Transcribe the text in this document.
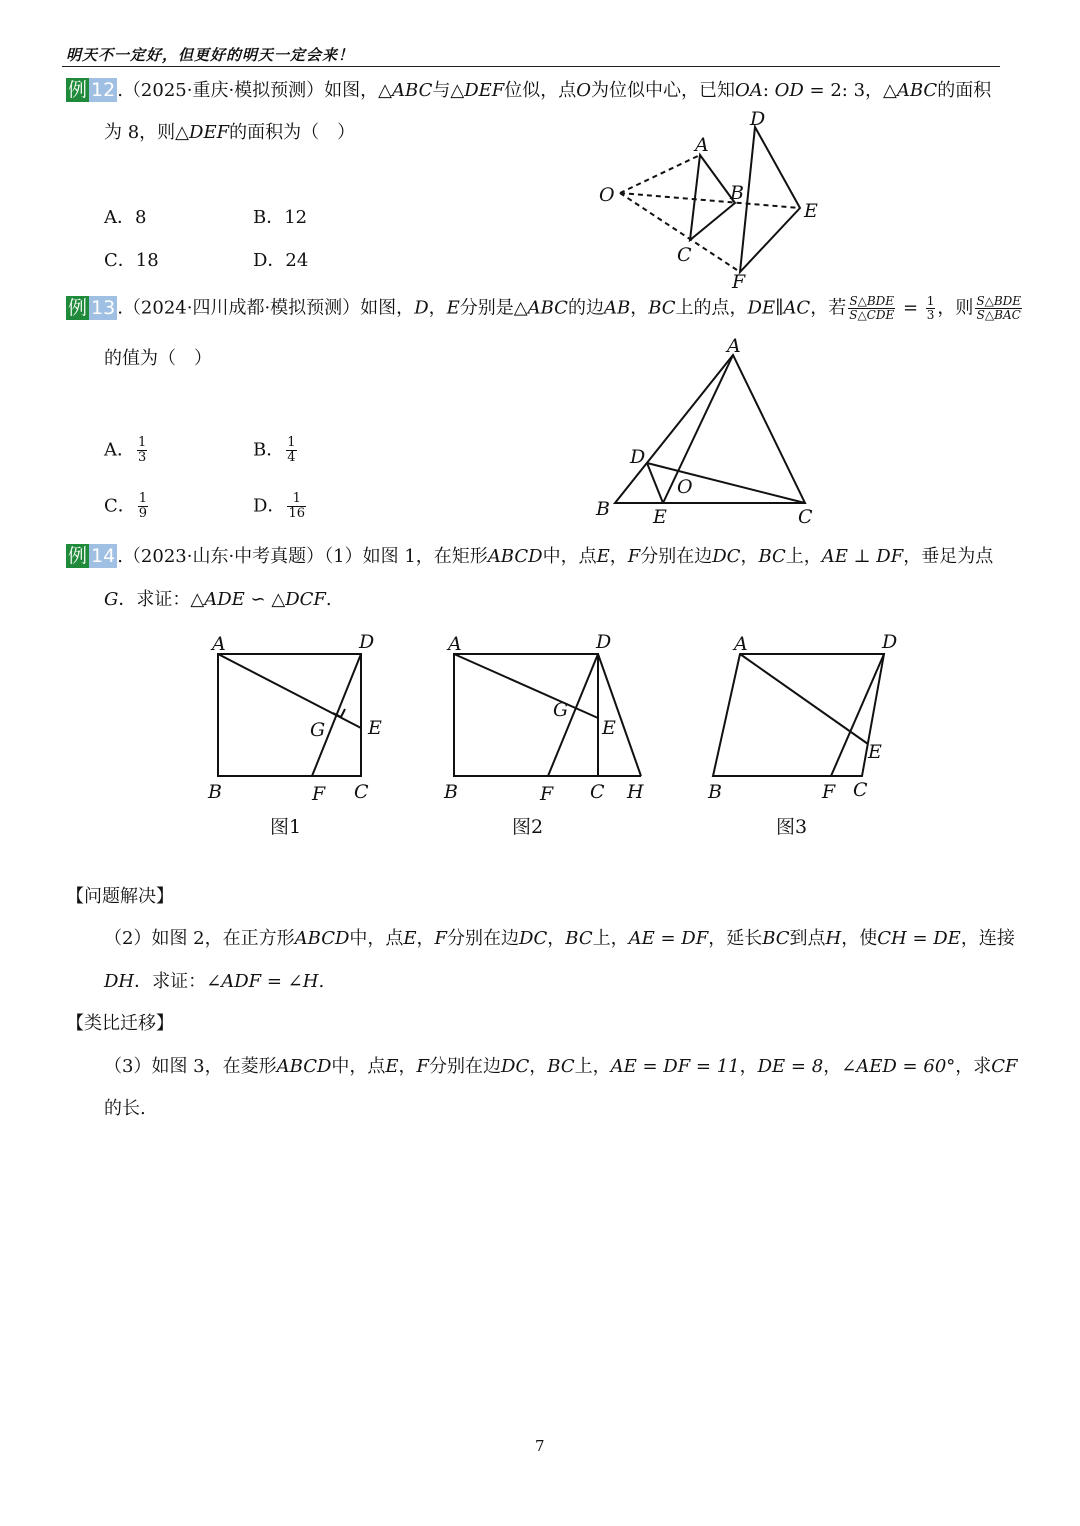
明天不一定好，但更好的明天一定会来！
例 12 .（2025·重庆·模拟预测）如图，△ABC与△DEF位似，点O为位似中心，已知OA: OD = 2: 3，△ABC的面积
为 8，则△DEF的面积为（　）
A．8	B．12
C．18	D．24
D
A
O	B
E
C
F
例 13 .（2024·四川成都·模拟预测）如图，D，E分别是△ABC的边AB，BC上的点，DE∥AC，若 $\frac{\text{S△BDE}}{\text{S△CDE}} = \frac{1}{3}$ ，则 $\frac{\text{S△BDE}}{\text{S△BAC}}$
的值为（　）
A． $\frac{1}{3}$	B． $\frac{1}{4}$
C． $\frac{1}{9}$	D． $\frac{1}{16}$
A
D
O
B E	C
例 14 .（2023·山东·中考真题）（1）如图 1，在矩形ABCD中，点E，F分别在边DC，BC上，AE ⊥ DF，垂足为点
G．求证：△ADE ∽ △DCF.
A	D
G E
B	F C
图1
A	D
G
E
B	F C H
图2
A	D
E
B	F C
图3
【问题解决】
（2）如图 2，在正方形ABCD中，点E，F分别在边DC，BC上，AE = DF，延长BC到点H，使CH = DE，连接
DH．求证：∠ADF = ∠H.
【类比迁移】
（3）如图 3，在菱形ABCD中，点E，F分别在边DC，BC上，AE = DF = 11，DE = 8，∠AED = 60°，求CF
的长.
7
